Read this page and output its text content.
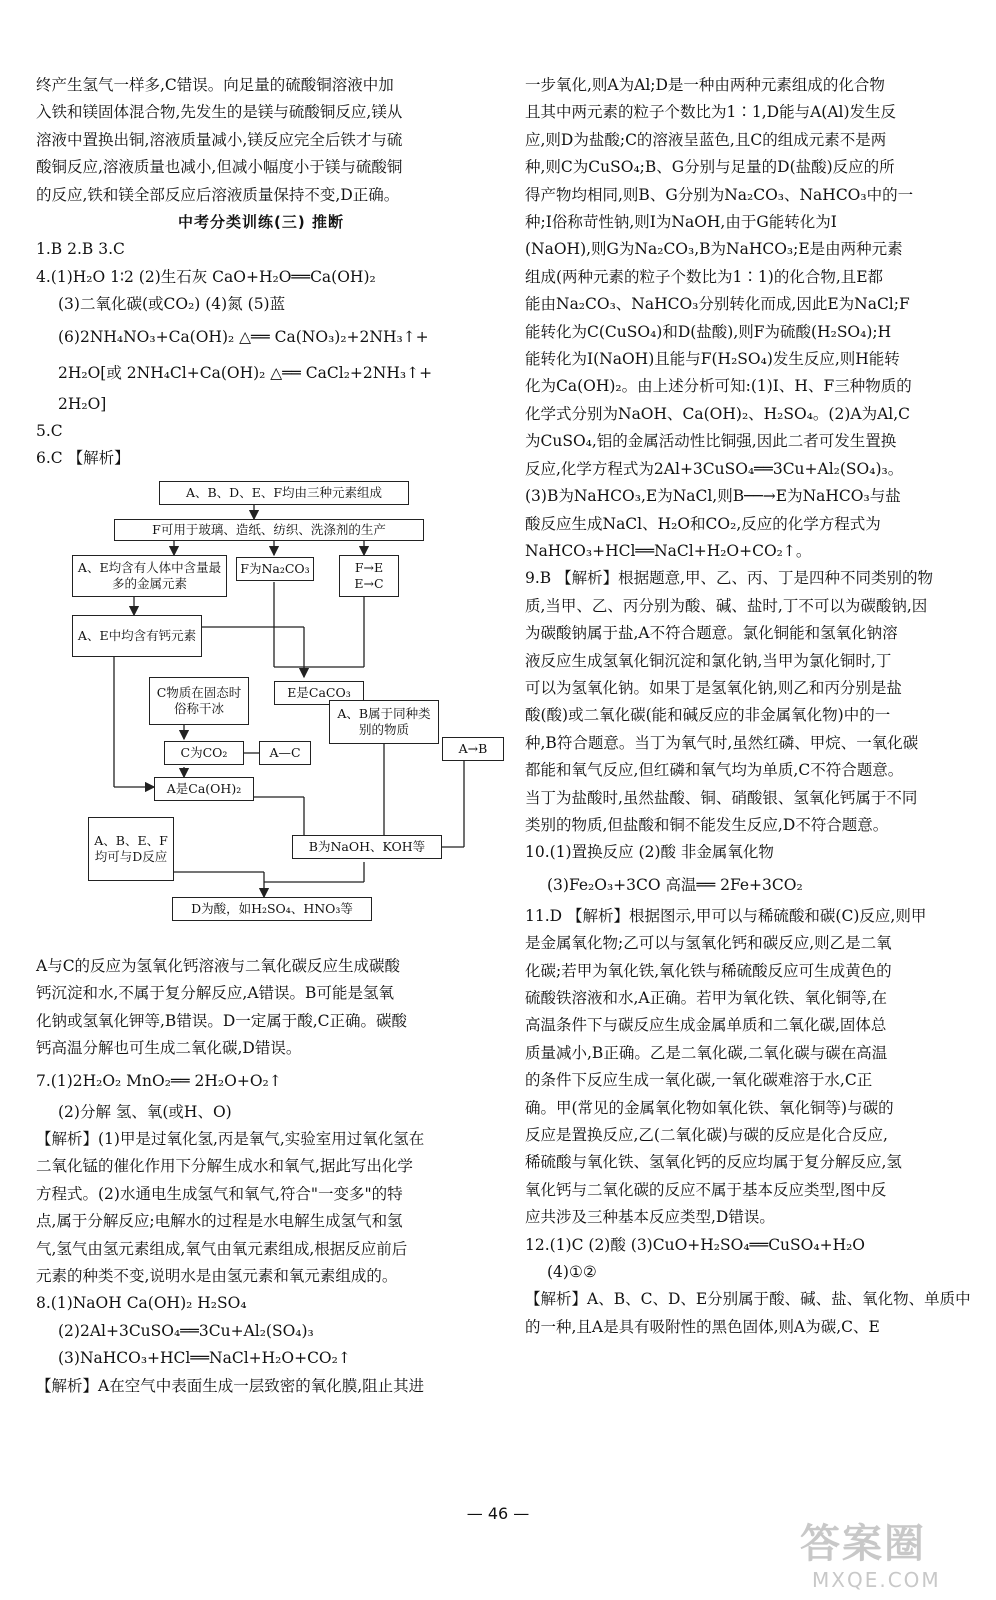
终产生氢气一样多,C错误。向足量的硫酸铜溶液中加

入铁和镁固体混合物,先发生的是镁与硫酸铜反应,镁从

溶液中置换出铜,溶液质量减小,镁反应完全后铁才与硫

酸铜反应,溶液质量也减小,但减小幅度小于镁与硫酸铜

的反应,铁和镁全部反应后溶液质量保持不变,D正确。

中考分类训练(三) 推断

1.B 2.B 3.C

4.(1)H₂O 1∶2 (2)生石灰 CaO+H₂O══Ca(OH)₂

(3)二氧化碳(或CO₂) (4)氮 (5)蓝

(6)2NH₄NO₃+Ca(OH)₂ △══ Ca(NO₃)₂+2NH₃↑+

2H₂O[或 2NH₄Cl+Ca(OH)₂ △══ CaCl₂+2NH₃↑+

2H₂O]

5.C

6.C 【解析】

A、B、D、E、F均由三种元素组成
F可用于玻璃、造纸、纺织、洗涤剂的生产
A、E均含有人体中含量最多的金属元素
F为Na₂CO₃	F→E
E→C
A、E中均含有钙元素
C物质在固态时俗称干冰
E是CaCO₃
A、B属于同种类别的物质
C为CO₂	A—C	A→B
A是Ca(OH)₂
A、B、E、F均可与D反应
B为NaOH、KOH等
D为酸，如H₂SO₄、HNO₃等

A与C的反应为氢氧化钙溶液与二氧化碳反应生成碳酸

钙沉淀和水,不属于复分解反应,A错误。B可能是氢氧

化钠或氢氧化钾等,B错误。D一定属于酸,C正确。碳酸

钙高温分解也可生成二氧化碳,D错误。

7.(1)2H₂O₂ MnO₂══ 2H₂O+O₂↑

(2)分解 氢、氧(或H、O)

【解析】(1)甲是过氧化氢,丙是氧气,实验室用过氧化氢在

二氧化锰的催化作用下分解生成水和氧气,据此写出化学

方程式。(2)水通电生成氢气和氧气,符合"一变多"的特

点,属于分解反应;电解水的过程是水电解生成氢气和氢

气,氢气由氢元素组成,氧气由氧元素组成,根据反应前后

元素的种类不变,说明水是由氢元素和氧元素组成的。

8.(1)NaOH Ca(OH)₂ H₂SO₄

(2)2Al+3CuSO₄══3Cu+Al₂(SO₄)₃

(3)NaHCO₃+HCl══NaCl+H₂O+CO₂↑

【解析】A在空气中表面生成一层致密的氧化膜,阻止其进

一步氧化,则A为Al;D是一种由两种元素组成的化合物

且其中两元素的粒子个数比为1∶1,D能与A(Al)发生反

应,则D为盐酸;C的溶液呈蓝色,且C的组成元素不是两

种,则C为CuSO₄;B、G分别与足量的D(盐酸)反应的所

得产物均相同,则B、G分别为Na₂CO₃、NaHCO₃中的一

种;I俗称苛性钠,则I为NaOH,由于G能转化为I

(NaOH),则G为Na₂CO₃,B为NaHCO₃;E是由两种元素

组成(两种元素的粒子个数比为1∶1)的化合物,且E都

能由Na₂CO₃、NaHCO₃分别转化而成,因此E为NaCl;F

能转化为C(CuSO₄)和D(盐酸),则F为硫酸(H₂SO₄);H

能转化为I(NaOH)且能与F(H₂SO₄)发生反应,则H能转

化为Ca(OH)₂。由上述分析可知:(1)I、H、F三种物质的

化学式分别为NaOH、Ca(OH)₂、H₂SO₄。(2)A为Al,C

为CuSO₄,铝的金属活动性比铜强,因此二者可发生置换

反应,化学方程式为2Al+3CuSO₄══3Cu+Al₂(SO₄)₃。

(3)B为NaHCO₃,E为NaCl,则B──→E为NaHCO₃与盐

酸反应生成NaCl、H₂O和CO₂,反应的化学方程式为

NaHCO₃+HCl══NaCl+H₂O+CO₂↑。

9.B 【解析】根据题意,甲、乙、丙、丁是四种不同类别的物

质,当甲、乙、丙分别为酸、碱、盐时,丁不可以为碳酸钠,因

为碳酸钠属于盐,A不符合题意。氯化铜能和氢氧化钠溶

液反应生成氢氧化铜沉淀和氯化钠,当甲为氯化铜时,丁

可以为氢氧化钠。如果丁是氢氧化钠,则乙和丙分别是盐

酸(酸)或二氧化碳(能和碱反应的非金属氧化物)中的一

种,B符合题意。当丁为氧气时,虽然红磷、甲烷、一氧化碳

都能和氧气反应,但红磷和氧气均为单质,C不符合题意。

当丁为盐酸时,虽然盐酸、铜、硝酸银、氢氧化钙属于不同

类别的物质,但盐酸和铜不能发生反应,D不符合题意。

10.(1)置换反应 (2)酸 非金属氧化物

(3)Fe₂O₃+3CO 高温══ 2Fe+3CO₂

11.D 【解析】根据图示,甲可以与稀硫酸和碳(C)反应,则甲

是金属氧化物;乙可以与氢氧化钙和碳反应,则乙是二氧

化碳;若甲为氧化铁,氧化铁与稀硫酸反应可生成黄色的

硫酸铁溶液和水,A正确。若甲为氧化铁、氧化铜等,在

高温条件下与碳反应生成金属单质和二氧化碳,固体总

质量减小,B正确。乙是二氧化碳,二氧化碳与碳在高温

的条件下反应生成一氧化碳,一氧化碳难溶于水,C正

确。甲(常见的金属氧化物如氧化铁、氧化铜等)与碳的

反应是置换反应,乙(二氧化碳)与碳的反应是化合反应,

稀硫酸与氧化铁、氢氧化钙的反应均属于复分解反应,氢

氧化钙与二氧化碳的反应不属于基本反应类型,图中反

应共涉及三种基本反应类型,D错误。

12.(1)C (2)酸 (3)CuO+H₂SO₄══CuSO₄+H₂O

(4)①②

【解析】A、B、C、D、E分别属于酸、碱、盐、氧化物、单质中

的一种,且A是具有吸附性的黑色固体,则A为碳,C、E

— 46 —
答案圈
MXQE.COM
